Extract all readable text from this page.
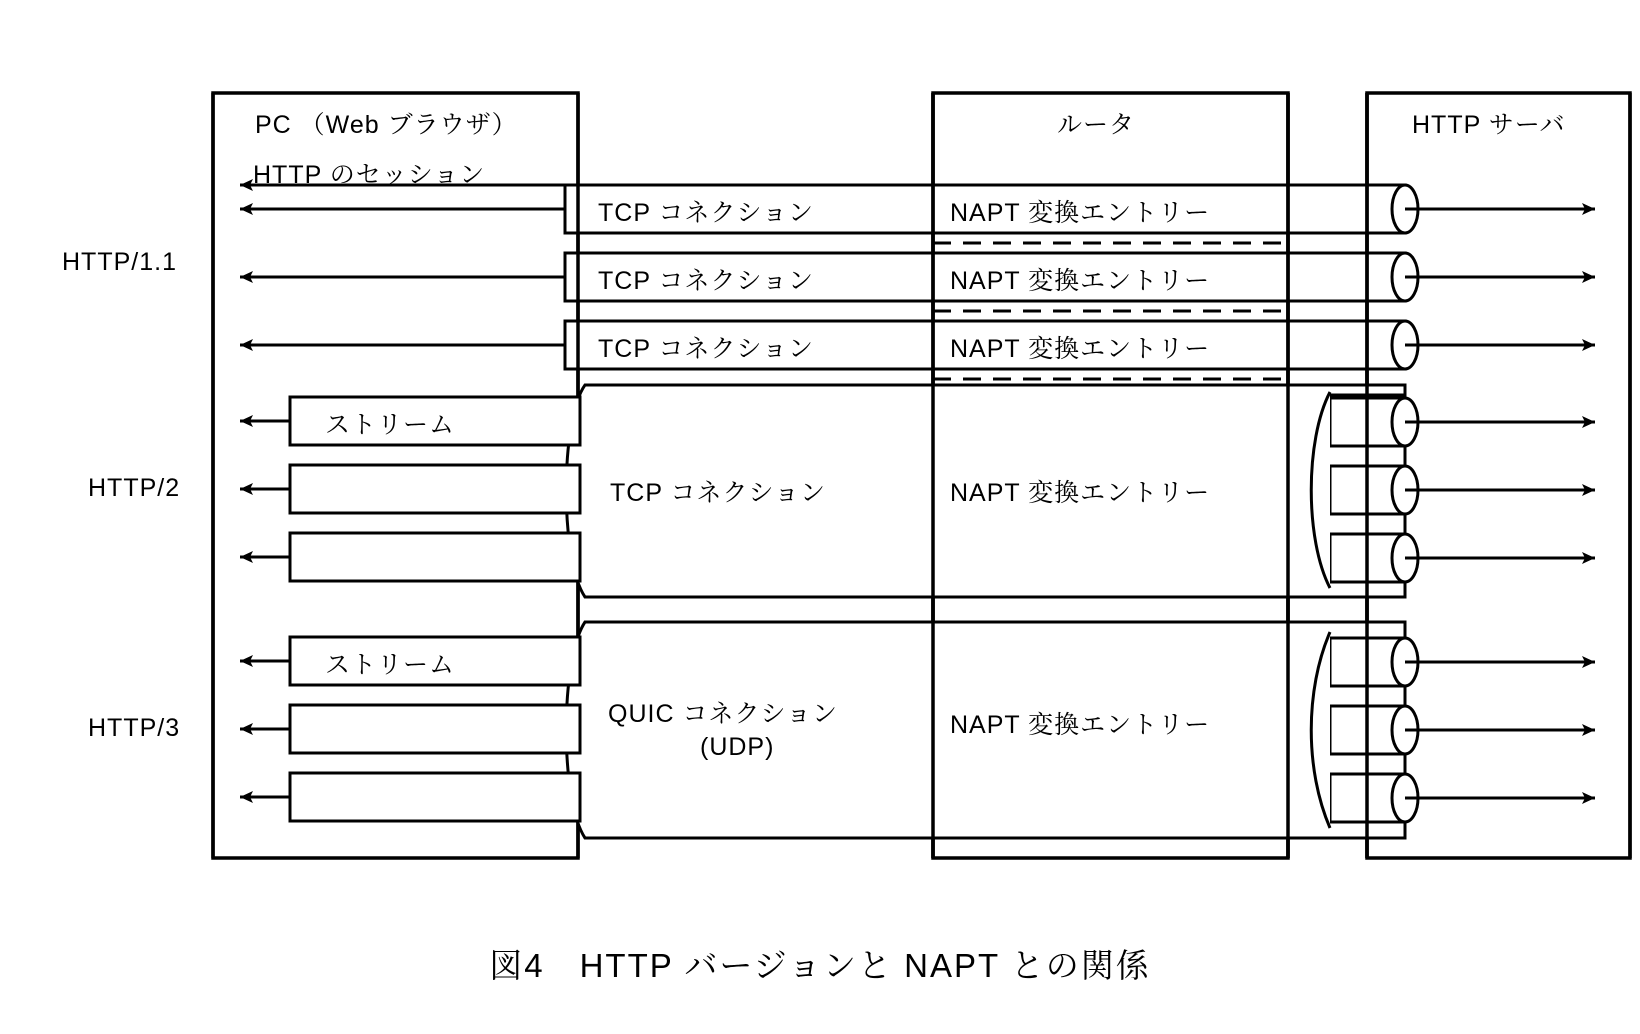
PC （Web ブラウザ）	ルータ	HTTP サーバ
HTTP のセッション
HTTP/1.1
HTTP/2
HTTP/3
TCP コネクション	NAPT 変換エントリー
TCP コネクション	NAPT 変換エントリー
TCP コネクション	NAPT 変換エントリー
ストリーム
TCP コネクション	NAPT 変換エントリー
ストリーム
QUIC コネクション
(UDP)
NAPT 変換エントリー
図4　HTTP バージョンと NAPT との関係
